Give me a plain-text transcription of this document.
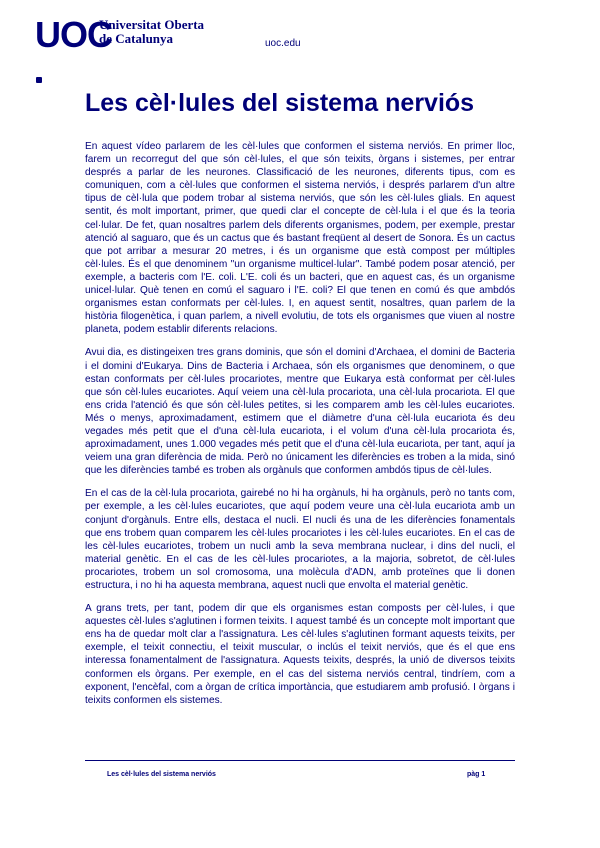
UOC
Universitat Oberta
de Catalunya	uoc.edu
Les cèl·lules del sistema nerviós

En aquest vídeo parlarem de les cèl·lules que conformen el sistema nerviós. En primer lloc, farem un recorregut del que són cèl·lules, el que són teixits, òrgans i sistemes, per entrar després a parlar de les neurones. Classificació de les neurones, diferents tipus, com es comuniquen, com a cèl·lules que conformen el sistema nerviós, i després parlarem d'un altre tipus de cèl·lula que podem trobar al sistema nerviós, que són les cèl·lules glials. En aquest sentit, és molt important, primer, que quedi clar el concepte de cèl·lula i el que és la teoria cel·lular. De fet, quan nosaltres parlem dels diferents organismes, podem, per exemple, prestar atenció al saguaro, que és un cactus que és bastant freqüent al desert de Sonora. És un cactus que pot arribar a mesurar 20 metres, i és un organisme que està compost per múltiples cèl·lules. És el que denominem "un organisme multicel·lular". També podem posar atenció, per exemple, a bacteris com l'E. coli. L'E. coli és un bacteri, que en aquest cas, és un organisme unicel·lular. Què tenen en comú el saguaro i l'E. coli? El que tenen en comú és que ambdós organismes estan conformats per cèl·lules. I, en aquest sentit, nosaltres, quan parlem de la història filogenètica, i quan parlem, a nivell evolutiu, de tots els organismes que viuen al nostre planeta, podem establir diferents relacions.

Avui dia, es distingeixen tres grans dominis, que són el domini d'Archaea, el domini de Bacteria i el domini d'Eukarya. Dins de Bacteria i Archaea, són els organismes que denominem, o que estan conformats per cèl·lules procariotes, mentre que Eukarya està conformat per cèl·lules que són cèl·lules eucariotes. Aquí veiem una cèl·lula procariota, una cèl·lula procariota. El que ens crida l'atenció és que són cèl·lules petites, si les comparem amb les cèl·lules eucariotes. Més o menys, aproximadament, estimem que el diàmetre d'una cèl·lula eucariota és deu vegades més petit que el d'una cèl·lula eucariota, i el volum d'una cèl·lula procariota és, aproximadament, unes 1.000 vegades més petit que el d'una cèl·lula eucariota, per tant, aquí ja veiem una gran diferència de mida. Però no únicament les diferències es troben a la mida, sinó que les diferències també es troben als orgànuls que conformen ambdós tipus de cèl·lules.

En el cas de la cèl·lula procariota, gairebé no hi ha orgànuls, hi ha orgànuls, però no tants com, per exemple, a les cèl·lules eucariotes, que aquí podem veure una cèl·lula eucariota amb un conjunt d'orgànuls. Entre ells, destaca el nucli. El nucli és una de les diferències fonamentals que ens trobem quan comparem les cèl·lules procariotes i les cèl·lules eucariotes. En el cas de les cèl·lules eucariotes, trobem un nucli amb la seva membrana nuclear, i dins del nucli, el material genètic. En el cas de les cèl·lules procariotes, a la majoria, sobretot, de cèl·lules procariotes, trobem un sol cromosoma, una molècula d'ADN, amb proteïnes que li donen estructura, i no hi ha aquesta membrana, aquest nucli que envolta el material genètic.

A grans trets, per tant, podem dir que els organismes estan composts per cèl·lules, i que aquestes cèl·lules s'aglutinen i formen teixits. I aquest també és un concepte molt important que ens ha de quedar molt clar a l'assignatura. Les cèl·lules s'aglutinen formant aquests teixits, per exemple, el teixit connectiu, el teixit muscular, o inclús el teixit nerviós, que és el que ens interessa fonamentalment de l'assignatura. Aquests teixits, després, la unió de diversos teixits conformen els òrgans. Per exemple, en el cas del sistema nerviós central, tindríem, com a exponent, l'encèfal, com a òrgan de crítica importància, que estudiarem amb profusió. I òrgans i teixits conformen els sistemes.

Les cèl·lules del sistema nerviós	pàg 1
